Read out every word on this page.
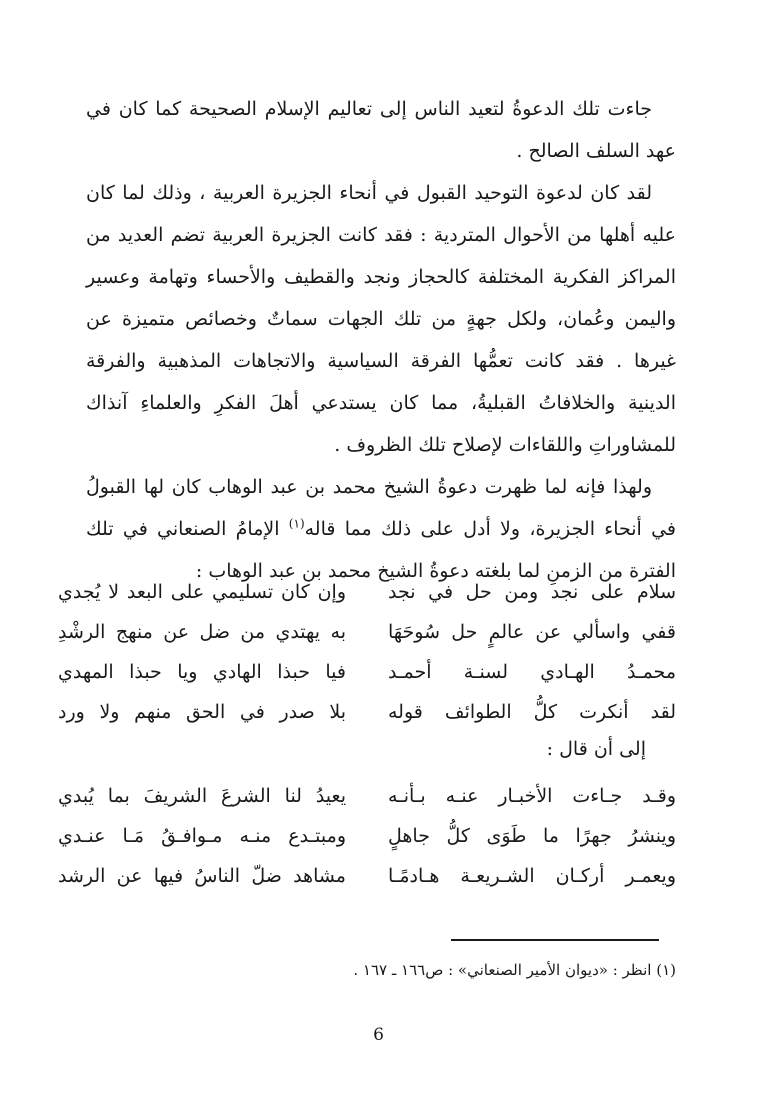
جاءت تلك الدعوةُ لتعيد الناس إلى تعاليم الإسلام الصحيحة كما كان في عهد السلف الصالح .

لقد كان لدعوة التوحيد القبول في أنحاء الجزيرة العربية ، وذلك لما كان عليه أهلها من الأحوال المتردية : فقد كانت الجزيرة العربية تضم العديد من المراكز الفكرية المختلفة كالحجاز ونجد والقطيف والأحساء وتهامة وعسير واليمن وعُمان، ولكل جهةٍ من تلك الجهات سماتٌ وخصائص متميزة عن غيرها . فقد كانت تعمُّها الفرقة السياسية والاتجاهات المذهبية والفرقة الدينية والخلافاتُ القبليةُ، مما كان يستدعي أهلَ الفكرِ والعلماءِ آنذاك للمشاوراتِ واللقاءات لإصلاح تلك الظروف .

ولهذا فإنه لما ظهرت دعوةُ الشيخ محمد بن عبد الوهاب كان لها القبولُ في أنحاء الجزيرة، ولا أدل على ذلك مما قاله$^{(١)}$ الإمامُ الصنعاني في تلك الفترة من الزمنِ لما بلغته دعوةُ الشيخ محمد بن عبد الوهاب :

سلام على نجد ومن حل في نجد
وإن كان تسليمي على البعد لا يُجدي
قفي واسألي عن عالمٍ حل سُوحَهَا
به يهتدي من ضل عن منهج الرشْدِ
محمـدُ الهـادي لسنـة أحمـد
فيا حبذا الهادي ويا حبذا المهدي
لقد أنكرت كلُّ الطوائف قوله
بلا صدر في الحق منهم ولا ورد
إلى أن قال :
وقـد جـاءت الأخبـار عنـه بـأنـه
يعيدُ لنا الشرعَ الشريفَ بما يُبدي
وينشرُ جهرًا ما طَوَى كلُّ جاهلٍ
ومبتـدع منـه مـوافـقُ مَـا عنـدي
ويعمـر أركـان الشـريعـة هـادمًـا
مشاهد ضلّ الناسُ فيها عن الرشد
(١) انظر : «ديوان الأمير الصنعاني» : ص١٦٦ ـ ١٦٧ .
6
